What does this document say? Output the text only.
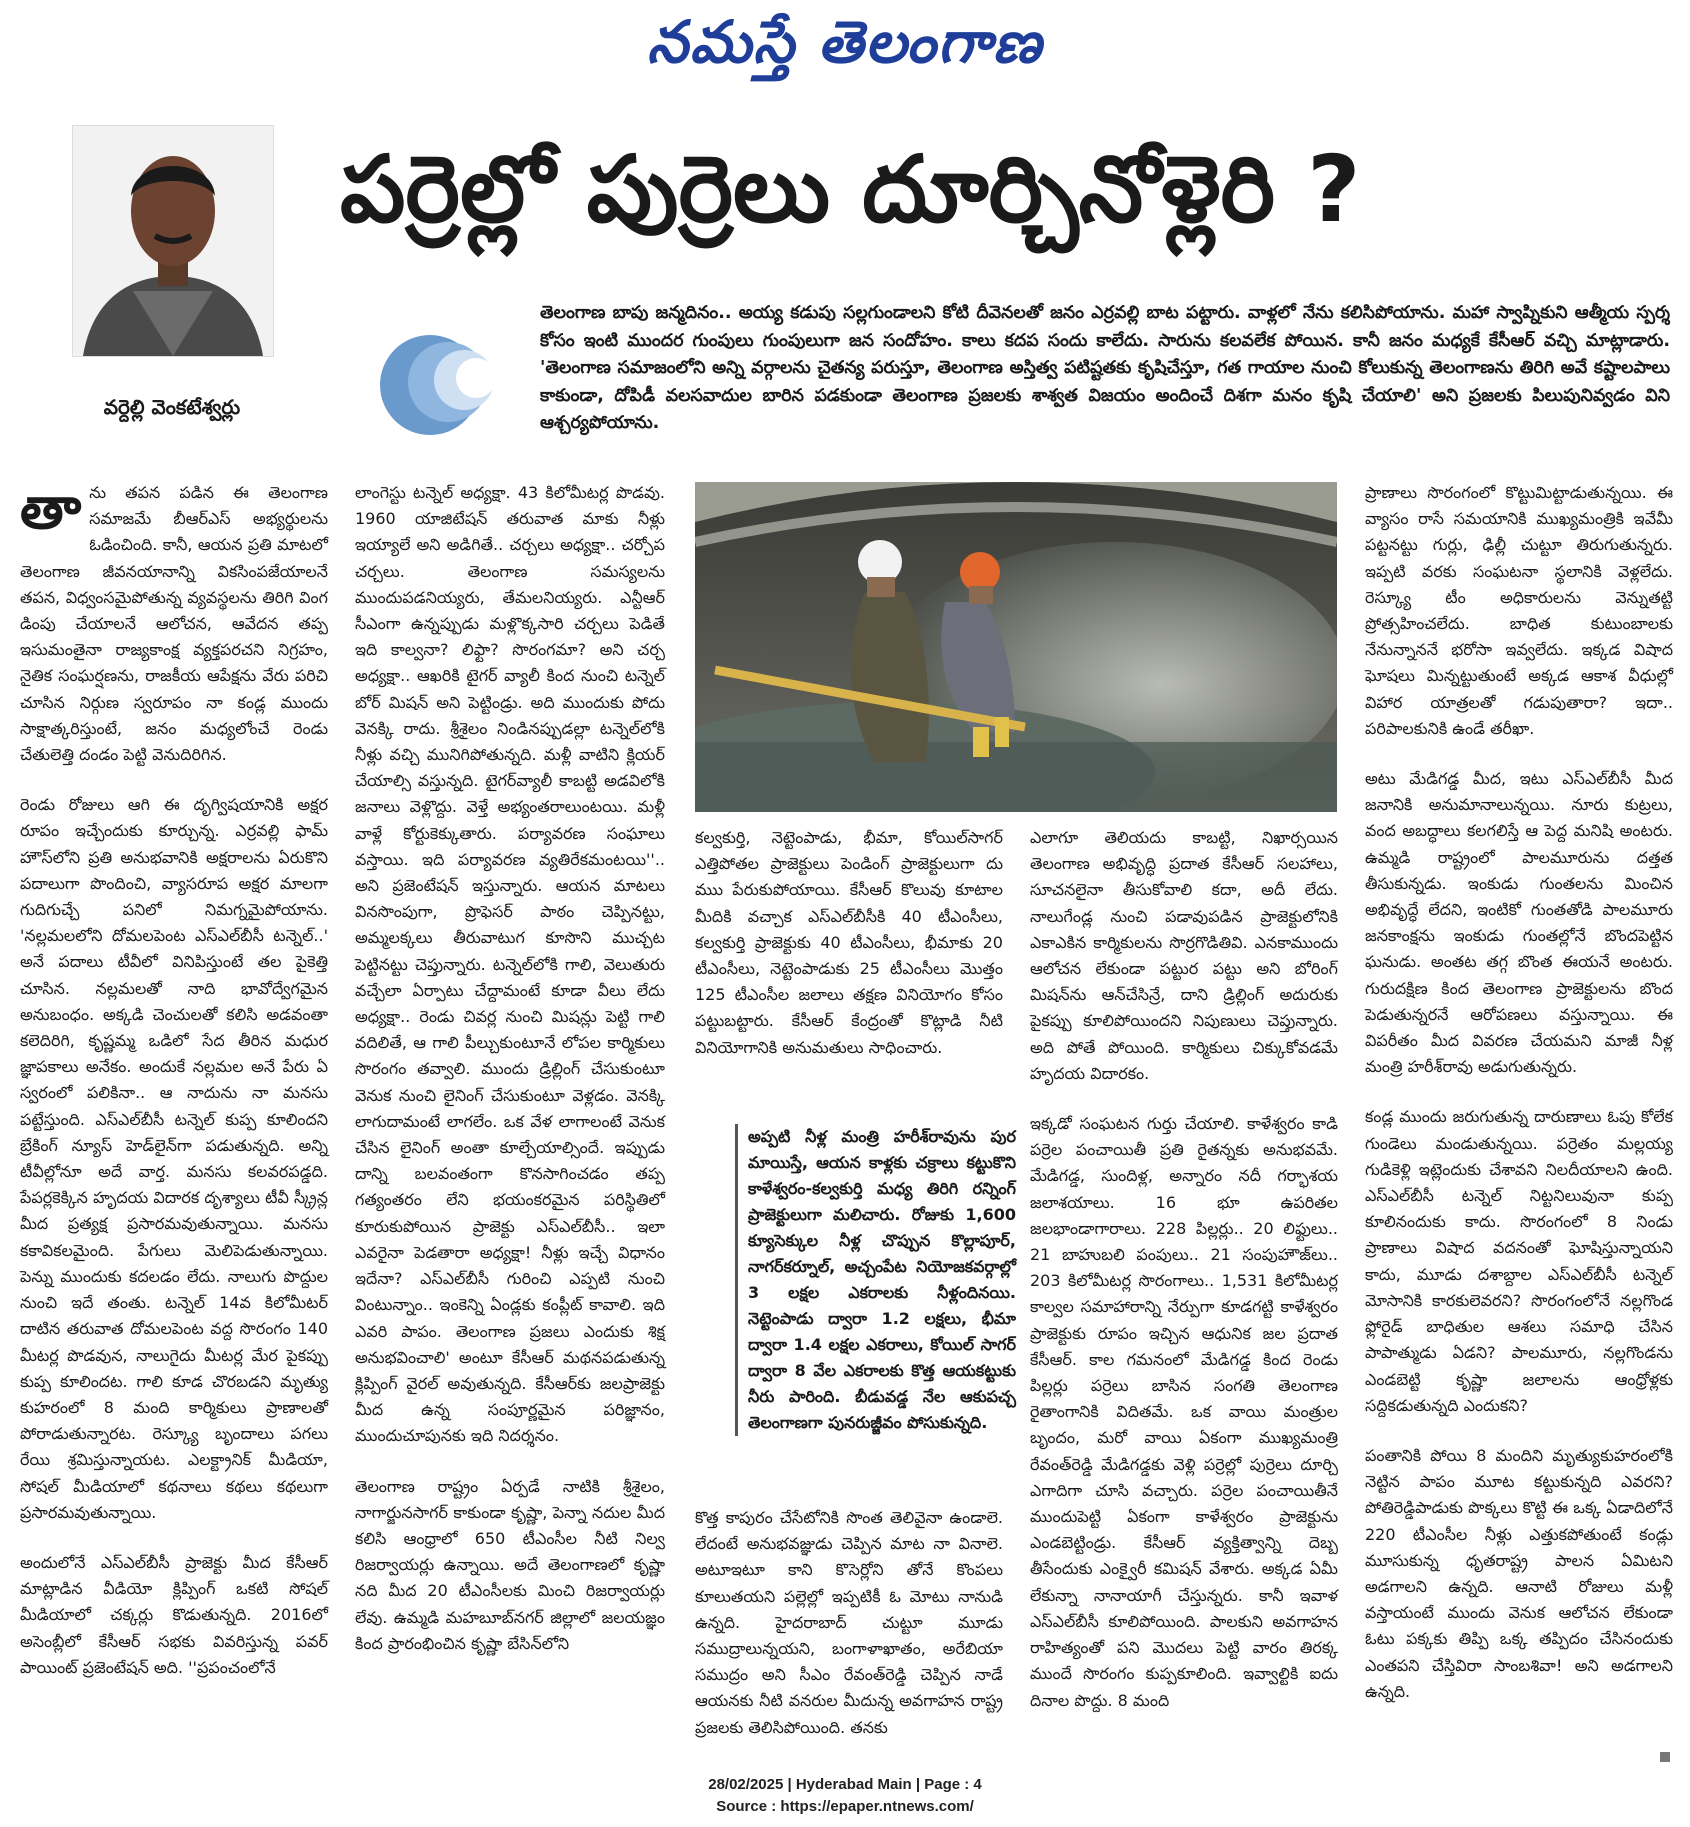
నమస్తే తెలంగాణ
వర్దెల్లి వెంకటేశ్వర్లు
పర్రెల్లో పుర్రెలు దూర్చినోళ్లెరి ?
తెలంగాణ బాపు జన్మదినం.. అయ్య కడుపు సల్లగుండాలని కోటి దీవెనలతో జనం ఎర్రవల్లి బాట పట్టారు. వాళ్లలో నేను కలిసిపోయాను. మహా స్వాప్నికుని ఆత్మీయ స్పర్శ కోసం ఇంటి ముందర గుంపులు గుంపులుగా జన సందోహం. కాలు కదప సందు కాలేదు. సారును కలవలేక పోయిన. కానీ జనం మధ్యకే కేసీఆర్ వచ్చి మాట్లాడారు. 'తెలంగాణ సమాజంలోని అన్ని వర్గాలను చైతన్య పరుస్తూ, తెలంగాణ అస్తిత్వ పటిష్టతకు కృషిచేస్తూ, గత గాయాల నుంచి కోలుకున్న తెలంగాణను తిరిగి అవే కష్టాలపాలు కాకుండా, దోపిడీ వలసవాదుల బారిన పడకుండా తెలంగాణ ప్రజలకు శాశ్వత విజయం అందించే దిశగా మనం కృషి చేయాలి' అని ప్రజలకు పిలుపునివ్వడం విని ఆశ్చర్యపోయాను.

తాను తపన పడిన ఈ తెలంగాణ సమాజమే బీఆర్ఎస్ అభ్యర్థులను ఓడించింది. కానీ, ఆయన ప్రతి మాటలో తెలంగాణ జీవనయానాన్ని వికసింపజేయాలనే తపన, విధ్వంసమైపోతున్న వ్యవస్థలను తిరిగి వింగ డింపు చేయాలనే ఆలోచన, ఆవేదన తప్ప ఇసుమంతైనా రాజ్యకాంక్ష వ్యక్తపరచని నిగ్రహం, నైతిక సంఘర్షణను, రాజకీయ ఆపేక్షను వేరు పరిచి చూసిన నిర్గుణ స్వరూపం నా కండ్ల ముందు సాక్షాత్కరిస్తుంటే, జనం మధ్యలోంచే రెండు చేతులెత్తి దండం పెట్టి వెనుదిరిగిన.

రెండు రోజులు ఆగి ఈ దృగ్విషయానికి అక్షర రూపం ఇచ్చేందుకు కూర్చున్న. ఎర్రవల్లి ఫామ్ హౌస్‌లోని ప్రతి అనుభవానికి అక్షరాలను ఏరుకొని పదాలుగా పొందించి, వ్యాసరూప అక్షర మాలగా గుదిగుచ్చే పనిలో నిమగ్నమైపోయాను. 'నల్లమలలోని దోమలపెంట ఎస్ఎల్‌బీసీ టన్నెల్..' అనే పదాలు టీవీలో వినిపిస్తుంటే తల పైకెత్తి చూసిన. నల్లమలతో నాది భావోద్వేగమైన అనుబంధం. అక్కడి చెంచులతో కలిసి అడవంతా కలెదిరిగి, కృష్ణమ్మ ఒడిలో సేద తీరిన మధుర జ్ఞాపకాలు అనేకం. అందుకే నల్లమల అనే పేరు ఏ స్వరంలో పలికినా.. ఆ నాదును నా మనసు పట్టేస్తుంది. ఎస్ఎల్‌బీసీ టన్నెల్ కుప్ప కూలిందని బ్రేకింగ్ న్యూస్ హెడ్‌లైన్‌గా పడుతున్నది. అన్ని టీవీల్లోనూ అదే వార్త. మనసు కలవరపడ్డది. పేపర్లకెక్కిన హృదయ విదారక దృశ్యాలు టీవీ స్క్రీన్ల మీద ప్రత్యక్ష ప్రసారమవుతున్నాయి. మనసు కకావికలమైంది. పేగులు మెలిపెడుతున్నాయి. పెన్ను ముందుకు కదలడం లేదు. నాలుగు పొద్దుల నుంచి ఇదే తంతు. టన్నెల్ 14వ కిలోమీటర్ దాటిన తరువాత దోమలపెంట వద్ద సొరంగం 140 మీటర్ల పొడవున, నాలుగైదు మీటర్ల మేర పైకప్పు కుప్ప కూలిందట. గాలి కూడ చొరబడని మృత్యు కుహరంలో 8 మంది కార్మికులు ప్రాణాలతో పోరాడుతున్నారట. రెస్క్యూ బృందాలు పగలు రేయి శ్రమిస్తున్నాయట. ఎలక్ట్రానిక్ మీడియా, సోషల్ మీడియాలో కథనాలు కథలు కథలుగా ప్రసారమవుతున్నాయి.

అందులోనే ఎస్ఎల్‌బీసీ ప్రాజెక్టు మీద కేసీఆర్ మాట్లాడిన వీడియో క్లిప్పింగ్ ఒకటి సోషల్ మీడియాలో చక్కర్లు కొడుతున్నది. 2016లో అసెంబ్లీలో కేసీఆర్ సభకు వివరిస్తున్న పవర్ పాయింట్ ప్రజెంటేషన్ అది. ''ప్రపంచంలోనే

లాంగెస్టు టన్నెల్ అధ్యక్షా. 43 కిలోమీటర్ల పొడవు. 1960 యాజిటేషన్ తరువాత మాకు నీళ్లు ఇయ్యాలే అని అడిగితే.. చర్చలు అధ్యక్షా.. చర్చోప చర్చలు. తెలంగాణ సమస్యలను ముందుపడనియ్యరు, తేమలనియ్యరు. ఎన్టీఆర్ సీఎంగా ఉన్నప్పుడు మళ్లొక్కసారి చర్చలు పెడితే ఇది కాల్వనా? లిఫ్టా? సొరంగమా? అని చర్చ అధ్యక్షా.. ఆఖరికి టైగర్ వ్యాలీ కింద నుంచి టన్నెల్ బోర్ మిషన్ అని పెట్టిండ్రు. అది ముందుకు పోదు వెనక్కి రాదు. శ్రీశైలం నిండినప్పుడల్లా టన్నెల్‌లోకి నీళ్లు వచ్చి మునిగిపోతున్నది. మళ్లీ వాటిని క్లియర్ చేయాల్సి వస్తున్నది. టైగర్‌వ్యాలీ కాబట్టి అడవిలోకి జనాలు వెళ్లొద్దు. వెళ్తే అభ్యంతరాలుంటయి. మళ్లీ వాళ్లే కోర్టుకెక్కుతారు. పర్యావరణ సంఘాలు వస్తాయి. ఇది పర్యావరణ వ్యతిరేకమంటయి''.. అని ప్రజెంటేషన్ ఇస్తున్నారు. ఆయన మాటలు వినసొంపుగా, ప్రొఫెసర్ పాఠం చెప్పినట్టు, అమ్మలక్కలు తీరువాటుగ కూసొని ముచ్చట పెట్టినట్టు చెప్తున్నారు. టన్నెల్‌లోకి గాలి, వెలుతురు వచ్చేలా ఏర్పాటు చేద్దామంటే కూడా వీలు లేదు అధ్యక్షా.. రెండు చివర్ల నుంచి మిషన్లు పెట్టి గాలి వదిలితే, ఆ గాలి పీల్చుకుంటూనే లోపల కార్మికులు సొరంగం తవ్వాలి. ముందు డ్రిల్లింగ్ చేసుకుంటూ వెనుక నుంచి లైనింగ్ చేసుకుంటూ వెళ్లడం. వెనక్కి లాగుదామంటే లాగలేం. ఒక వేళ లాగాలంటే వెనుక చేసిన లైనింగ్ అంతా కూల్చేయాల్సిందే. ఇప్పుడు దాన్ని బలవంతంగా కొనసాగించడం తప్ప గత్యంతరం లేని భయంకరమైన పరిస్థితిలో కూరుకుపోయిన ప్రాజెక్టు ఎస్ఎల్‌బీసీ.. ఇలా ఎవరైనా పెడతారా అధ్యక్షా! నీళ్లు ఇచ్చే విధానం ఇదేనా? ఎస్ఎల్‌బీసీ గురించి ఎప్పటి నుంచి వింటున్నాం.. ఇంకెన్ని ఏండ్లకు కంప్లీట్ కావాలి. ఇది ఎవరి పాపం. తెలంగాణ ప్రజలు ఎందుకు శిక్ష అనుభవించాలి' అంటూ కేసీఆర్ మథనపడుతున్న క్లిప్పింగ్ వైరల్ అవుతున్నది. కేసీఆర్‌కు జలప్రాజెక్టు మీద ఉన్న సంపూర్ణమైన పరిజ్ఞానం, ముందుచూపునకు ఇది నిదర్శనం.

తెలంగాణ రాష్ట్రం ఏర్పడే నాటికి శ్రీశైలం, నాగార్జునసాగర్ కాకుండా కృష్ణా, పెన్నా నదుల మీద కలిసి ఆంధ్రాలో 650 టీఎంసీల నీటి నిల్వ రిజర్వాయర్లు ఉన్నాయి. అదే తెలంగాణలో కృష్ణా నది మీద 20 టీఎంసీలకు మించి రిజర్వాయర్లు లేవు. ఉమ్మడి మహబూబ్‌నగర్ జిల్లాలో జలయజ్ఞం కింద ప్రారంభించిన కృష్ణా బేసిన్‌లోని

కల్వకుర్తి, నెట్టెంపాడు, భీమా, కోయిల్‌సాగర్ ఎత్తిపోతల ప్రాజెక్టులు పెండింగ్ ప్రాజెక్టులుగా దు ముు పేరుకుపోయాయి. కేసీఆర్ కొలువు కూటాల మీదికి వచ్చాక ఎస్ఎల్‌బీసీకి 40 టీఎంసీలు, కల్వకుర్తి ప్రాజెక్టుకు 40 టీఎంసీలు, భీమాకు 20 టీఎంసీలు, నెట్టెంపాడుకు 25 టీఎంసీలు మొత్తం 125 టీఎంసీల జలాలు తక్షణ వినియోగం కోసం పట్టుబట్టారు. కేసీఆర్ కేంద్రంతో కొట్లాడి నీటి వినియోగానికి అనుమతులు సాధించారు.

అప్పటి నీళ్ల మంత్రి హరీశ్‌రావును పుర మాయిస్తే, ఆయన కాళ్లకు చక్రాలు కట్టుకొని కాళేశ్వరం-కల్వకుర్తి మధ్య తిరిగి రన్నింగ్ ప్రాజెక్టులుగా మలిచారు. రోజుకు 1,600 క్యూసెక్కుల నీళ్ల చొప్పున కొల్లాపూర్, నాగర్‌కర్నూల్, అచ్చంపేట నియోజకవర్గాల్లో 3 లక్షల ఎకరాలకు నీళ్లందినయి. నెట్టెంపాడు ద్వారా 1.2 లక్షలు, భీమా ద్వారా 1.4 లక్షల ఎకరాలు, కోయిల్ సాగర్ ద్వారా 8 వేల ఎకరాలకు కొత్త ఆయకట్టుకు నీరు పారింది. బీడువడ్డ నేల ఆకుపచ్చ తెలంగాణగా పునరుజ్జీవం పోసుకున్నది.

కొత్త కాపురం చేసేటోనికి సొంత తెలివైనా ఉండాలె. లేదంటే అనుభవజ్ఞుడు చెప్పిన మాట నా వినాలె. అటూఇటూ కాని కొసెర్లోని తోనే కొంపలు కూలుతయని పల్లెల్లో ఇప్పటికీ ఓ మోటు నానుడి ఉన్నది. హైదరాబాద్ చుట్టూ మూడు సముద్రాలున్నయని, బంగాళాఖాతం, అరేబియా సముద్రం అని సీఎం రేవంత్‌రెడ్డి చెప్పిన నాడే ఆయనకు నీటి వనరుల మీదున్న అవగాహన రాష్ట్ర ప్రజలకు తెలిసిపోయింది. తనకు

ఎలాగూ తెలియదు కాబట్టి, నిఖార్సయిన తెలంగాణ అభివృద్ధి ప్రదాత కేసీఆర్ సలహాలు, సూచనలైనా తీసుకోవాలి కదా, అదీ లేదు. నాలుగేండ్ల నుంచి పడావుపడిన ప్రాజెక్టులోనికి ఎకాఎకిన కార్మికులను సొర్రగొడితివి. ఎనకాముందు ఆలోచన లేకుండా పట్టుర పట్టు అని బోరింగ్ మిషన్‌ను ఆన్‌చేసిన్రే, దాని డ్రిల్లింగ్ అదురుకు పైకప్పు కూలిపోయిందని నిపుణులు చెప్తున్నారు. అది పోతే పోయింది. కార్మికులు చిక్కుకోవడమే హృదయ విదారకం.

ఇక్కడో సంఘటన గుర్తు చేయాలి. కాళేశ్వరం కాడి పర్రెల పంచాయితీ ప్రతి రైతన్నకు అనుభవమే. మేడిగడ్డ, సుందిళ్ల, అన్నారం నదీ గర్భాశయ జలాశయాలు. 16 భూ ఉపరితల జలభాండాగారాలు. 228 పిల్లర్లు.. 20 లిఫ్టులు.. 21 బాహుబలి పంపులు.. 21 సంపుహౌజ్‌లు.. 203 కిలోమీటర్ల సొరంగాలు.. 1,531 కిలోమీటర్ల కాల్వల సమాహారాన్ని నేర్పుగా కూడగట్టి కాళేశ్వరం ప్రాజెక్టుకు రూపం ఇచ్చిన ఆధునిక జల ప్రదాత కేసీఆర్. కాల గమనంలో మేడిగడ్డ కింద రెండు పిల్లర్లు పర్రెలు బాసిన సంగతి తెలంగాణ రైతాంగానికి విదితమే. ఒక వాయి మంత్రుల బృందం, మరో వాయి ఏకంగా ముఖ్యమంత్రి రేవంత్‌రెడ్డి మేడిగడ్డకు వెళ్లి పర్రెల్లో పుర్రెలు దూర్చి ఎగాదిగా చూసి వచ్చారు. పర్రెల పంచాయితీనే ముందుపెట్టి ఏకంగా కాళేశ్వరం ప్రాజెక్టును ఎండబెట్టిండ్రు. కేసీఆర్ వ్యక్తిత్వాన్ని దెబ్బ తీసేందుకు ఎంక్వైరీ కమిషన్ వేశారు. అక్కడ ఏమీ లేకున్నా నానాయాగీ చేస్తున్నరు. కానీ ఇవాళ ఎస్ఎల్‌బీసీ కూలిపోయింది. పాలకుని అవగాహన రాహిత్యంతో పని మొదలు పెట్టి వారం తిరక్క ముందే సొరంగం కుప్పకూలింది. ఇవ్వాల్టికి ఐదు దినాల పొద్దు. 8 మంది

ప్రాణాలు సొరంగంలో కొట్టుమిట్టాడుతున్నయి. ఈ వ్యాసం రాసే సమయానికి ముఖ్యమంత్రికి ఇవేమీ పట్టనట్టు గుర్లు, ఢిల్లీ చుట్టూ తిరుగుతున్నరు. ఇప్పటి వరకు సంఘటనా స్థలానికి వెళ్లలేదు. రెస్క్యూ టీం అధికారులను వెన్నుతట్టి ప్రోత్సహించలేదు. బాధిత కుటుంబాలకు నేనున్నాననే భరోసా ఇవ్వలేదు. ఇక్కడ విషాద ఘోషలు మిన్నట్టుతుంటే అక్కడ ఆకాశ వీధుల్లో విహార యాత్రలతో గడుపుతారా? ఇదా.. పరిపాలకునికి ఉండే తరీఖా.

అటు మేడిగడ్డ మీద, ఇటు ఎస్ఎల్‌బీసీ మీద జనానికి అనుమానాలున్నయి. నూరు కుట్రలు, వంద అబద్ధాలు కలగలిస్తే ఆ పెద్ద మనిషి అంటరు. ఉమ్మడి రాష్ట్రంలో పాలమూరును దత్తత తీసుకున్నడు. ఇంకుడు గుంతలను మించిన అభివృద్ధే లేదని, ఇంటికో గుంతతోడి పాలమూరు జనకాంక్షను ఇంకుడు గుంతల్లోనే బొందపెట్టిన ఘనుడు. అంతట తగ్గ బొంత ఈయనే అంటరు. గురుదక్షిణ కింద తెలంగాణ ప్రాజెక్టులను బొంద పెడుతున్నరనే ఆరోపణలు వస్తున్నాయి. ఈ విపరీతం మీద వివరణ చేయమని మాజీ నీళ్ల మంత్రి హరీశ్‌రావు అడుగుతున్నరు.

కండ్ల ముందు జరుగుతున్న దారుణాలు ఓపు కోలేక గుండెలు మండుతున్నయి. పర్రెతం మల్లయ్య గుడికెళ్లి ఇట్లెందుకు చేశావని నిలదీయాలని ఉంది. ఎస్ఎల్‌బీసీ టన్నెల్ నిట్టనిలువునా కుప్ప కూలినందుకు కాదు. సొరంగంలో 8 నిండు ప్రాణాలు విషాద వదనంతో ఘోషిస్తున్నాయని కాదు, మూడు దశాబ్దాల ఎస్ఎల్‌బీసీ టన్నెల్ మోసానికి కారకులెవరని? సొరంగంలోనే నల్లగొండ ఫ్లోరైడ్ బాధితుల ఆశలు సమాధి చేసిన పాపాత్ముడు ఏడని? పాలమూరు, నల్లగొండను ఎండబెట్టి కృష్ణా జలాలను ఆంధ్రోళ్లకు సద్దికడుతున్నది ఎందుకని?

పంతానికి పోయి 8 మందిని మృత్యుకుహరంలోకి నెట్టిన పాపం మూట కట్టుకున్నది ఎవరని? పోతిరెడ్డిపాడుకు పొక్కలు కొట్టి ఈ ఒక్క ఏడాదిలోనే 220 టీఎంసీల నీళ్లు ఎత్తుకపోతుంటే కండ్లు మూసుకున్న ధృతరాష్ట్ర పాలన ఏమిటని అడగాలని ఉన్నది. ఆనాటి రోజులు మళ్లీ వస్తాయంటే ముందు వెనుక ఆలోచన లేకుండా ఓటు పక్కకు తిప్పి ఒక్క తప్పిదం చేసినందుకు ఎంతపని చేస్తివిరా సాంబశివా! అని అడగాలని ఉన్నది.

28/02/2025 | Hyderabad Main | Page : 4
Source : https://epaper.ntnews.com/
